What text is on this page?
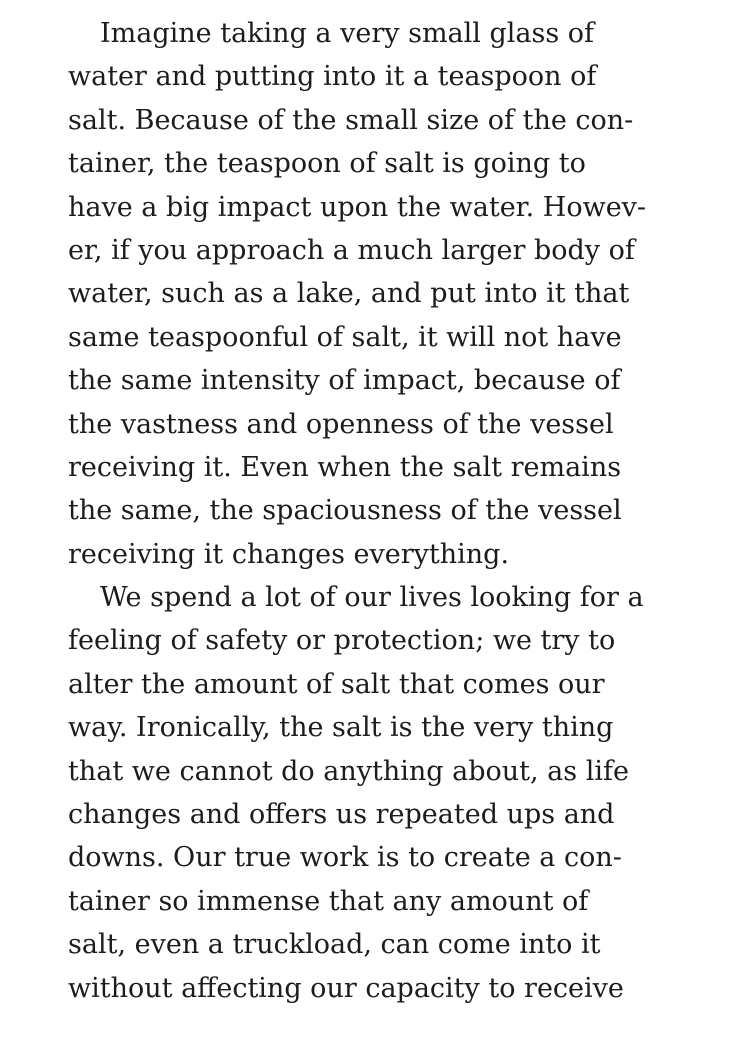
Imagine taking a very small glass of
water and putting into it a teaspoon of
salt. Because of the small size of the con-
tainer, the teaspoon of salt is going to
have a big impact upon the water. Howev-
er, if you approach a much larger body of
water, such as a lake, and put into it that
same teaspoonful of salt, it will not have
the same intensity of impact, because of
the vastness and openness of the vessel
receiving it. Even when the salt remains
the same, the spaciousness of the vessel
receiving it changes everything.
We spend a lot of our lives looking for a
feeling of safety or protection; we try to
alter the amount of salt that comes our
way. Ironically, the salt is the very thing
that we cannot do anything about, as life
changes and offers us repeated ups and
downs. Our true work is to create a con-
tainer so immense that any amount of
salt, even a truckload, can come into it
without affecting our capacity to receive
